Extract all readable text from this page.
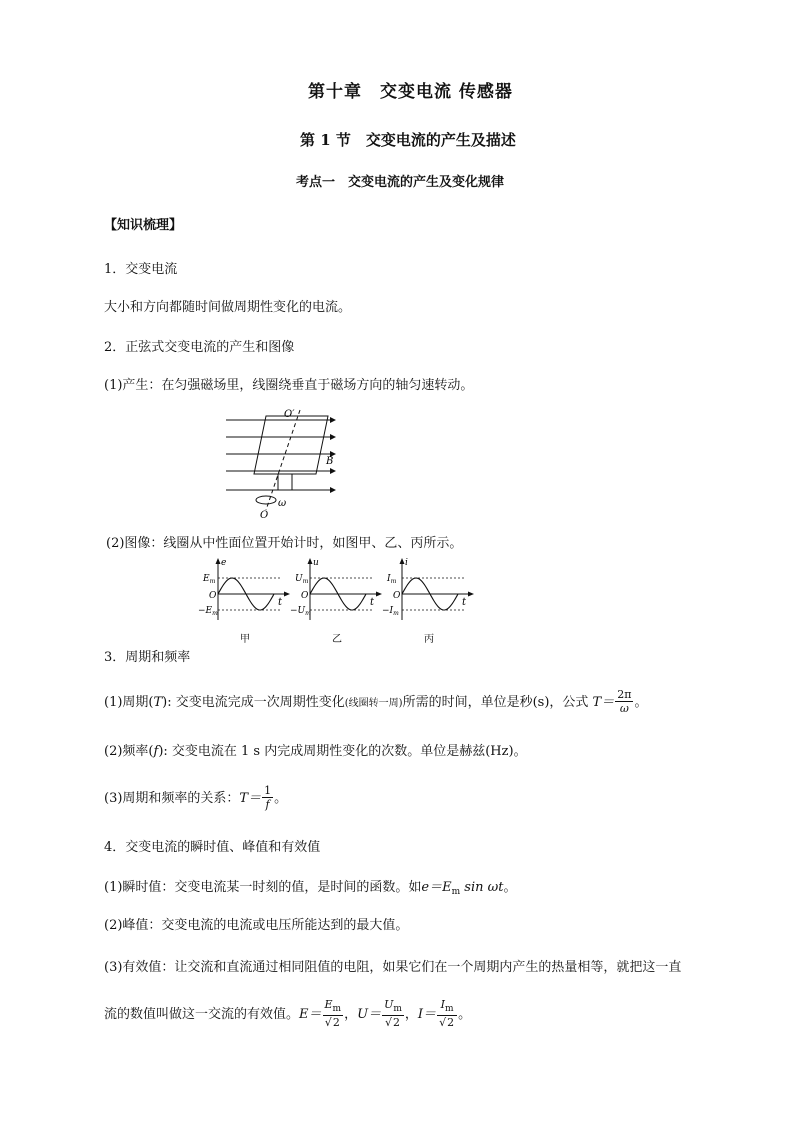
第十章　交变电流 传感器
第 1 节　交变电流的产生及描述
考点一　交变电流的产生及变化规律
【知识梳理】
1．交变电流
大小和方向都随时间做周期性变化的电流。
2．正弦式交变电流的产生和图像
(1)产生：在匀强磁场里，线圈绕垂直于磁场方向的轴匀速转动。
O′
B
ω
O
(2)图像：线圈从中性面位置开始计时，如图甲、乙、丙所示。
e
$E_m$
O
$-E_m$
t
甲
u
$U_m$
O
$-U_m$
t
乙
i
$I_m$
O
$-I_m$
t
丙
3．周期和频率
(1)周期(T): 交变电流完成一次周期性变化(线圈转一周)所需的时间，单位是秒(s)，公式 $T= \frac{2\pi}{\omega}$ 。
(2)频率(f): 交变电流在 1 s 内完成周期性变化的次数。单位是赫兹(Hz)。
(3)周期和频率的关系：$T= \frac{1}{f}$ 。
4．交变电流的瞬时值、峰值和有效值
(1)瞬时值：交变电流某一时刻的值，是时间的函数。如$e=E_m$ sin ωt。
(2)峰值：交变电流的电流或电压所能达到的最大值。
(3)有效值：让交流和直流通过相同阻值的电阻，如果它们在一个周期内产生的热量相等，就把这一直
流的数值叫做这一交流的有效值。$E= \frac{E_m}{√2}$ ，$U= \frac{U_m}{√2}$ ，$I= \frac{I_m}{√2}$ 。
